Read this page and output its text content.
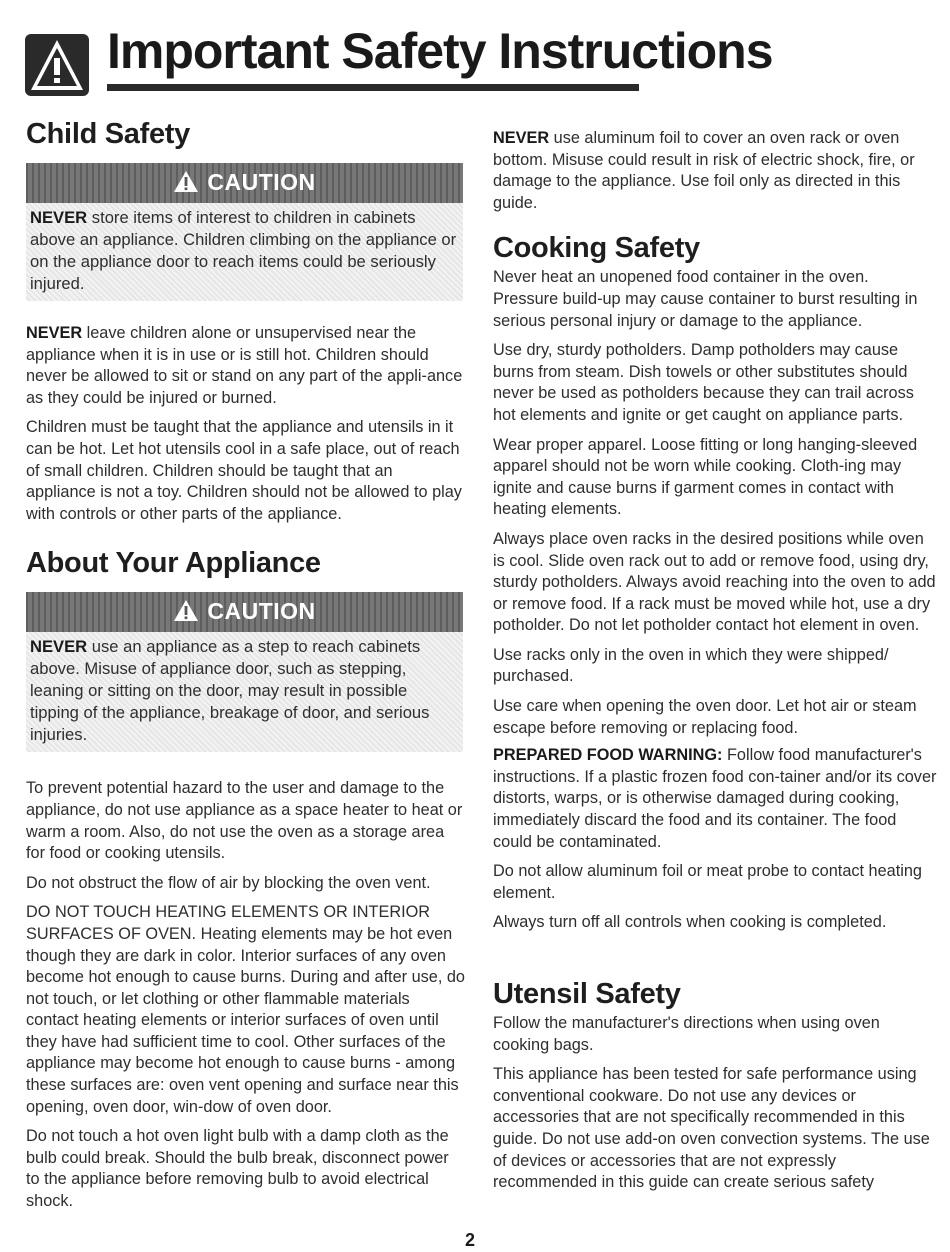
Important Safety Instructions
Child Safety
CAUTION

NEVER store items of interest to children in cabinets above an appliance. Children climbing on the appliance or on the appliance door to reach items could be seriously injured.

NEVER leave children alone or unsupervised near the appliance when it is in use or is still hot. Children should never be allowed to sit or stand on any part of the appli-ance as they could be injured or burned.

Children must be taught that the appliance and utensils in it can be hot. Let hot utensils cool in a safe place, out of reach of small children. Children should be taught that an appliance is not a toy. Children should not be allowed to play with controls or other parts of the appliance.

About Your Appliance
CAUTION

NEVER use an appliance as a step to reach cabinets above. Misuse of appliance door, such as stepping, leaning or sitting on the door, may result in possible tipping of the appliance, breakage of door, and serious injuries.

To prevent potential hazard to the user and damage to the appliance, do not use appliance as a space heater to heat or warm a room. Also, do not use the oven as a storage area for food or cooking utensils.

Do not obstruct the flow of air by blocking the oven vent.

DO NOT TOUCH HEATING ELEMENTS OR INTERIOR SURFACES OF OVEN. Heating elements may be hot even though they are dark in color. Interior surfaces of any oven become hot enough to cause burns. During and after use, do not touch, or let clothing or other flammable materials contact heating elements or interior surfaces of oven until they have had sufficient time to cool. Other surfaces of the appliance may become hot enough to cause burns - among these surfaces are: oven vent opening and surface near this opening, oven door, win-dow of oven door.

Do not touch a hot oven light bulb with a damp cloth as the bulb could break. Should the bulb break, disconnect power to the appliance before removing bulb to avoid electrical shock.

NEVER use aluminum foil to cover an oven rack or oven bottom. Misuse could result in risk of electric shock, fire, or damage to the appliance. Use foil only as directed in this guide.

Cooking Safety

Never heat an unopened food container in the oven. Pressure build-up may cause container to burst resulting in serious personal injury or damage to the appliance.

Use dry, sturdy potholders. Damp potholders may cause burns from steam. Dish towels or other substitutes should never be used as potholders because they can trail across hot elements and ignite or get caught on appliance parts.

Wear proper apparel. Loose fitting or long hanging-sleeved apparel should not be worn while cooking. Cloth-ing may ignite and cause burns if garment comes in contact with heating elements.

Always place oven racks in the desired positions while oven is cool. Slide oven rack out to add or remove food, using dry, sturdy potholders. Always avoid reaching into the oven to add or remove food. If a rack must be moved while hot, use a dry potholder. Do not let potholder contact hot element in oven.

Use racks only in the oven in which they were shipped/ purchased.

Use care when opening the oven door. Let hot air or steam escape before removing or replacing food.

PREPARED FOOD WARNING: Follow food manufacturer's instructions. If a plastic frozen food con-tainer and/or its cover distorts, warps, or is otherwise damaged during cooking, immediately discard the food and its container. The food could be contaminated.

Do not allow aluminum foil or meat probe to contact heating element.

Always turn off all controls when cooking is completed.

Utensil Safety

Follow the manufacturer's directions when using oven cooking bags.

This appliance has been tested for safe performance using conventional cookware. Do not use any devices or accessories that are not specifically recommended in this guide. Do not use add-on oven convection systems. The use of devices or accessories that are not expressly recommended in this guide can create serious safety

2
